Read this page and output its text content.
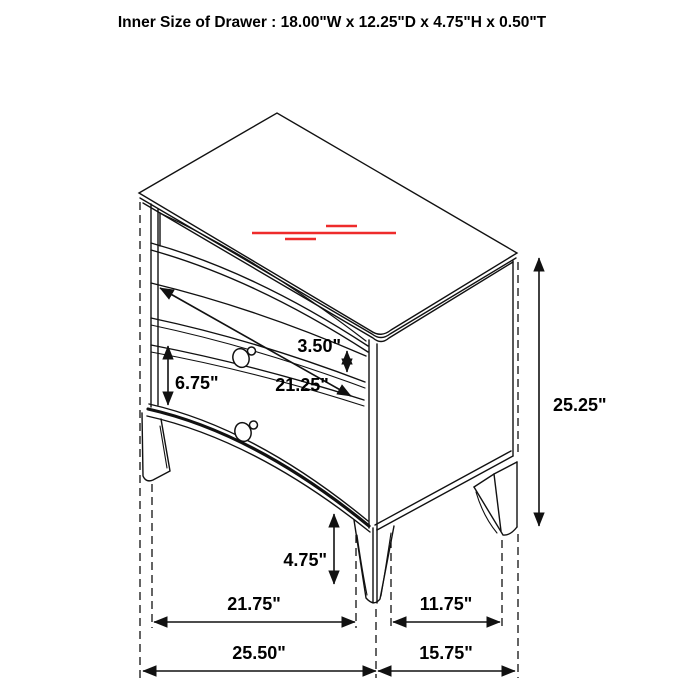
Inner Size of Drawer : 18.00"W x 12.25"D x 4.75"H x 0.50"T
3.50"
6.75"	21.25"
25.25"
4.75"
21.75"
25.50"
11.75"
15.75"
